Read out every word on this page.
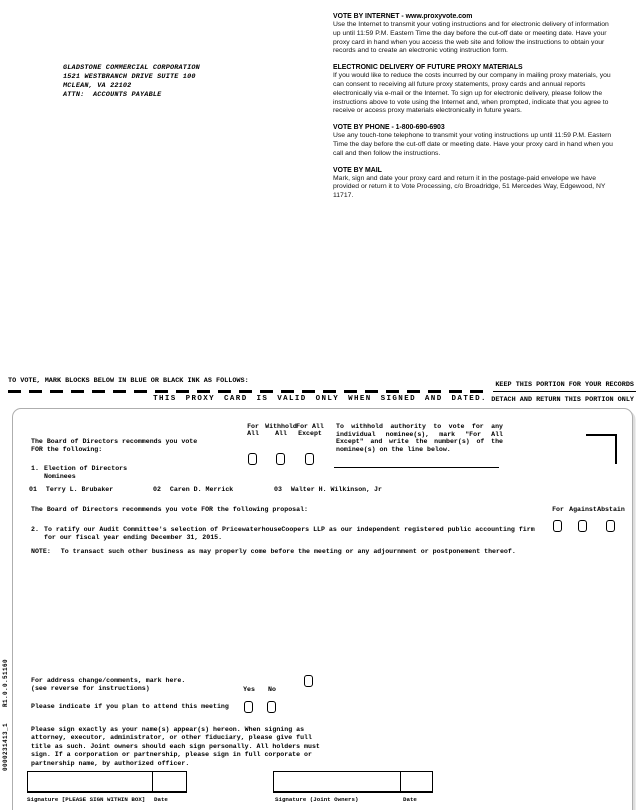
GLADSTONE COMMERCIAL CORPORATION
1521 WESTBRANCH DRIVE SUITE 100
MCLEAN, VA 22102
ATTN:  ACCOUNTS PAYABLE
VOTE BY INTERNET - www.proxyvote.com

Use the Internet to transmit your voting instructions and for electronic delivery of information up until 11:59 P.M. Eastern Time the day before the cut-off date or meeting date. Have your proxy card in hand when you access the web site and follow the instructions to obtain your records and to create an electronic voting instruction form.

ELECTRONIC DELIVERY OF FUTURE PROXY MATERIALS

If you would like to reduce the costs incurred by our company in mailing proxy materials, you can consent to receiving all future proxy statements, proxy cards and annual reports electronically via e-mail or the Internet. To sign up for electronic delivery, please follow the instructions above to vote using the Internet and, when prompted, indicate that you agree to receive or access proxy materials electronically in future years.

VOTE BY PHONE - 1-800-690-6903

Use any touch-tone telephone to transmit your voting instructions up until 11:59 P.M. Eastern Time the day before the cut-off date or meeting date. Have your proxy card in hand when you call and then follow the instructions.

VOTE BY MAIL

Mark, sign and date your proxy card and return it in the postage-paid envelope we have provided or return it to Vote Processing, c/o Broadridge, 51 Mercedes Way, Edgewood, NY 11717.

TO VOTE, MARK BLOCKS BELOW IN BLUE OR BLACK INK AS FOLLOWS:	KEEP THIS PORTION FOR YOUR RECORDS
THIS PROXY CARD IS VALID ONLY WHEN SIGNED AND DATED. DETACH AND RETURN THIS PORTION ONLY
0000231413_1    R1.0.0.51160
The Board of Directors recommends you vote
FOR the following:
For
All
Withhold
All
For All
Except
To withhold authority to vote for any individual nominee(s), mark "For All Except" and write the number(s) of the nominee(s) on the line below.
1. Election of Directors
Nominees
01 Terry L. Brubaker	02 Caren D. Merrick	03 Walter H. Wilkinson, Jr
The Board of Directors recommends you vote FOR the following proposal:	For Against Abstain
2. To ratify our Audit Committee's selection of PricewaterhouseCoopers LLP as our independent registered public accounting firm
for our fiscal year ending December 31, 2015.
NOTE: To transact such other business as may properly come before the meeting or any adjournment or postponement thereof.
For address change/comments, mark here.
(see reverse for instructions)	Yes	No
Please indicate if you plan to attend this meeting
Please sign exactly as your name(s) appear(s) hereon. When signing as attorney, executor, administrator, or other fiduciary, please give full title as such. Joint owners should each sign personally. All holders must sign. If a corporation or partnership, please sign in full corporate or partnership name, by authorized officer.
Signature [PLEASE SIGN WITHIN BOX] Date	Signature (Joint Owners)	Date
